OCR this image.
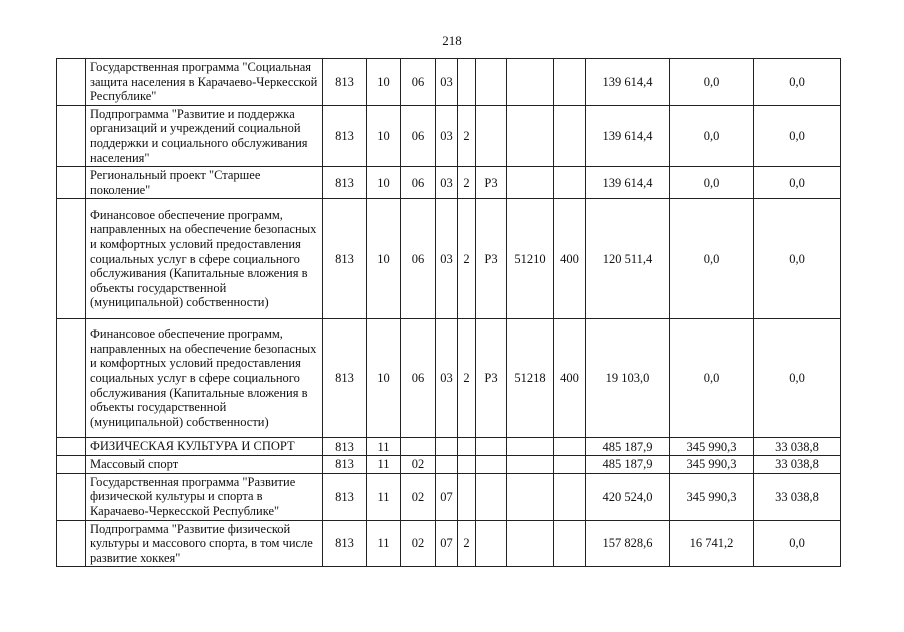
218
	Государственная программа "Социальная защита населения в Карачаево-Черкесской Республике"	813	10	06	03					139 614,4	0,0	0,0
	Подпрограмма "Развитие и поддержка организаций и учреждений социальной поддержки и социального обслуживания населения"	813	10	06	03	2				139 614,4	0,0	0,0
	Региональный проект "Старшее поколение"	813	10	06	03	2	P3			139 614,4	0,0	0,0
	Финансовое обеспечение программ, направленных на обеспечение безопасных и комфортных условий предоставления социальных услуг в сфере социального обслуживания (Капитальные вложения в объекты государственной (муниципальной) собственности)	813	10	06	03	2	P3	51210	400	120 511,4	0,0	0,0
	Финансовое обеспечение программ, направленных на обеспечение безопасных и комфортных условий предоставления социальных услуг в сфере социального обслуживания (Капитальные вложения в объекты государственной (муниципальной) собственности)	813	10	06	03	2	P3	51218	400	19 103,0	0,0	0,0
	ФИЗИЧЕСКАЯ КУЛЬТУРА И СПОРТ	813	11							485 187,9	345 990,3	33 038,8
	Массовый спорт	813	11	02						485 187,9	345 990,3	33 038,8
	Государственная программа "Развитие физической культуры и спорта в Карачаево-Черкесской Республике"	813	11	02	07					420 524,0	345 990,3	33 038,8
	Подпрограмма "Развитие физической культуры и массового спорта, в том числе развитие хоккея"	813	11	02	07	2				157 828,6	16 741,2	0,0
